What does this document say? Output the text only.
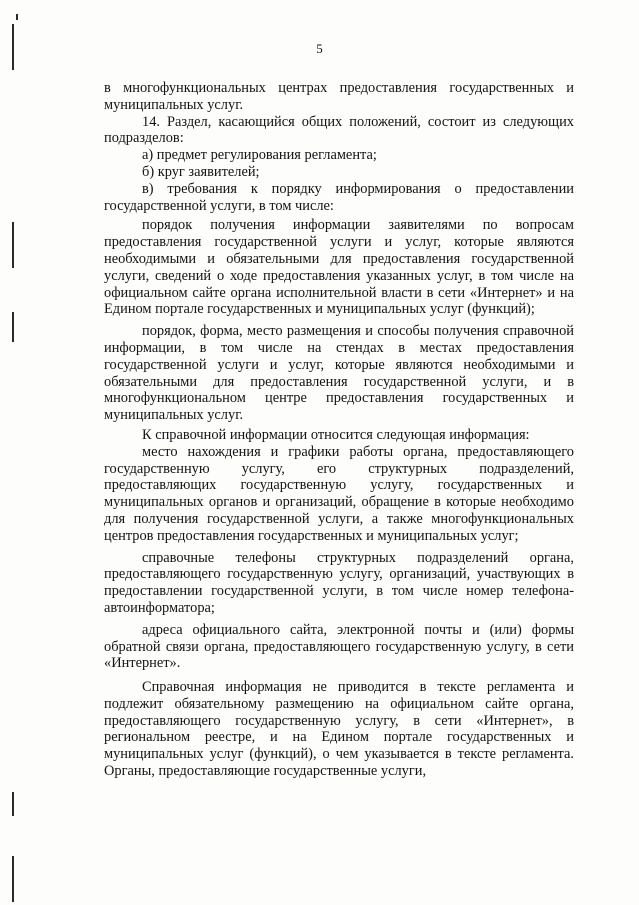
5

в многофункциональных центрах предоставления государственных и муниципальных услуг.

14. Раздел, касающийся общих положений, состоит из следующих подразделов:

а) предмет регулирования регламента;

б) круг заявителей;

в) требования к порядку информирования о предоставлении государственной услуги, в том числе:

порядок получения информации заявителями по вопросам предоставления государственной услуги и услуг, которые являются необходимыми и обязательными для предоставления государственной услуги, сведений о ходе предоставления указанных услуг, в том числе на официальном сайте органа исполнительной власти в сети «Интернет» и на Едином портале государственных и муниципальных услуг (функций);

порядок, форма, место размещения и способы получения справочной информации, в том числе на стендах в местах предоставления государственной услуги и услуг, которые являются необходимыми и обязательными для предоставления государственной услуги, и в многофункциональном центре предоставления государственных и муниципальных услуг.

К справочной информации относится следующая информация:

место нахождения и графики работы органа, предоставляющего государственную услугу, его структурных подразделений, предоставляющих государственную услугу, государственных и муниципальных органов и организаций, обращение в которые необходимо для получения государственной услуги, а также многофункциональных центров предоставления государственных и муниципальных услуг;

справочные телефоны структурных подразделений органа, предоставляющего государственную услугу, организаций, участвующих в предоставлении государственной услуги, в том числе номер телефона-автоинформатора;

адреса официального сайта, электронной почты и (или) формы обратной связи органа, предоставляющего государственную услугу, в сети «Интернет».

Справочная информация не приводится в тексте регламента и подлежит обязательному размещению на официальном сайте органа, предоставляющего государственную услугу, в сети «Интернет», в региональном реестре, и на Едином портале государственных и муниципальных услуг (функций), о чем указывается в тексте регламента. Органы, предоставляющие государственные услуги,
